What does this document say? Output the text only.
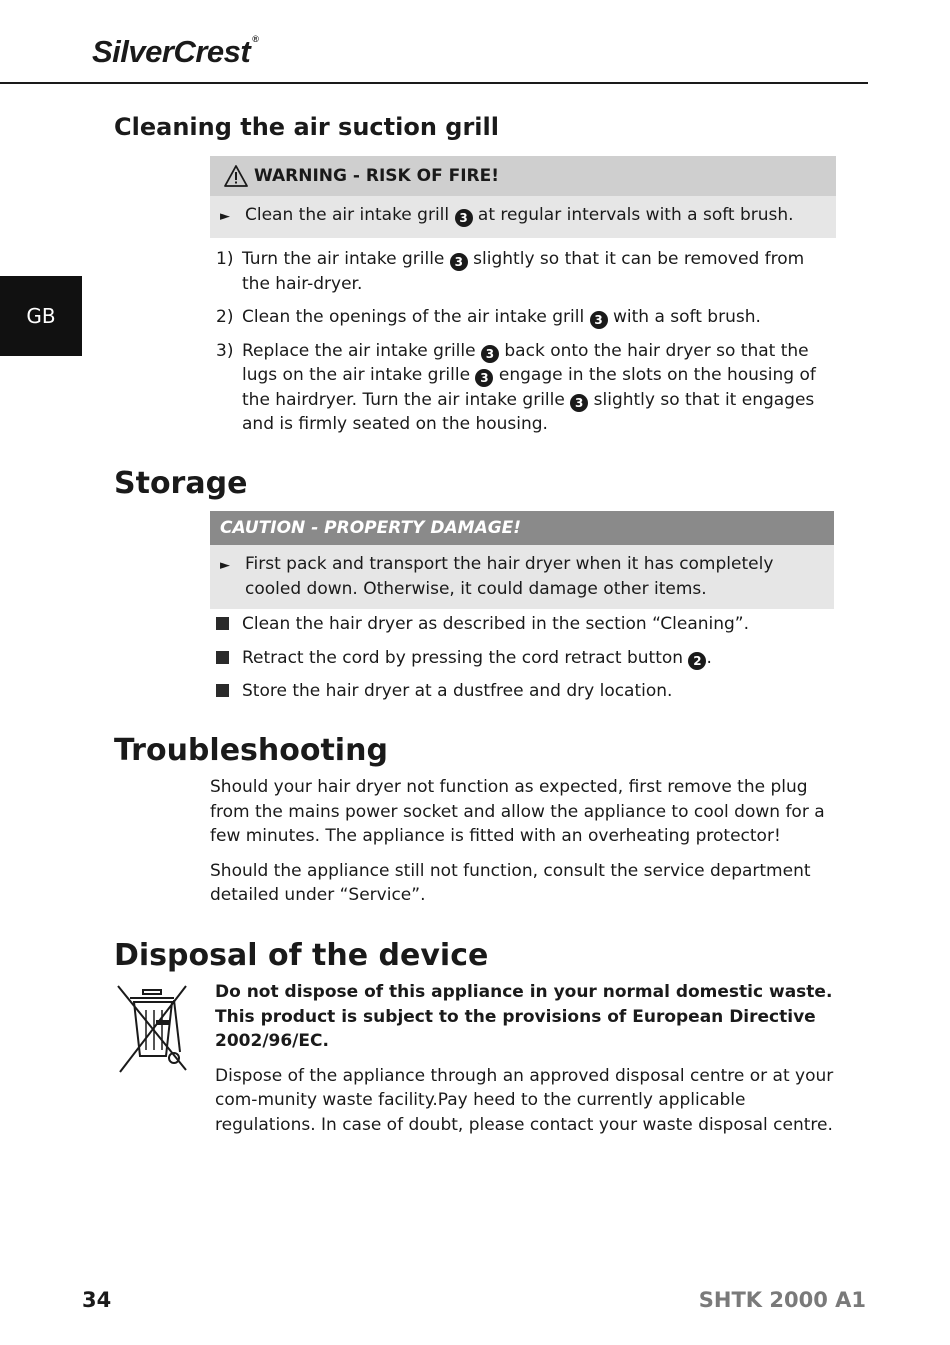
SilverCrest ®
GB
Cleaning the air suction grill
WARNING - RISK OF FIRE!
► Clean the air intake grill 3 at regular intervals with a soft brush.
1) Turn the air intake grille 3 slightly so that it can be removed from the hair-dryer.
2) Clean the openings of the air intake grill 3 with a soft brush.
3) Replace the air intake grille 3 back onto the hair dryer so that the lugs on the air intake grille 3 engage in the slots on the housing of the hairdryer. Turn the air intake grille 3 slightly so that it engages and is firmly seated on the housing.
Storage
CAUTION - PROPERTY DAMAGE!
► First pack and transport the hair dryer when it has completely cooled down. Otherwise, it could damage other items.
Clean the hair dryer as described in the section “Cleaning”.
Retract the cord by pressing the cord retract button 2 .
Store the hair dryer at a dustfree and dry location.
Troubleshooting

Should your hair dryer not function as expected, first remove the plug from the mains power socket and allow the appliance to cool down for a few minutes. The appliance is fitted with an overheating protector!

Should the appliance still not function, consult the service department detailed under “Service”.

Disposal of the device

Do not dispose of this appliance in your normal domestic waste. This product is subject to the provisions of European Directive 2002/96/EC.

Dispose of the appliance through an approved disposal centre or at your com-munity waste facility.Pay heed to the currently applicable regulations. In case of doubt, please contact your waste disposal centre.

34	SHTK 2000 A1
